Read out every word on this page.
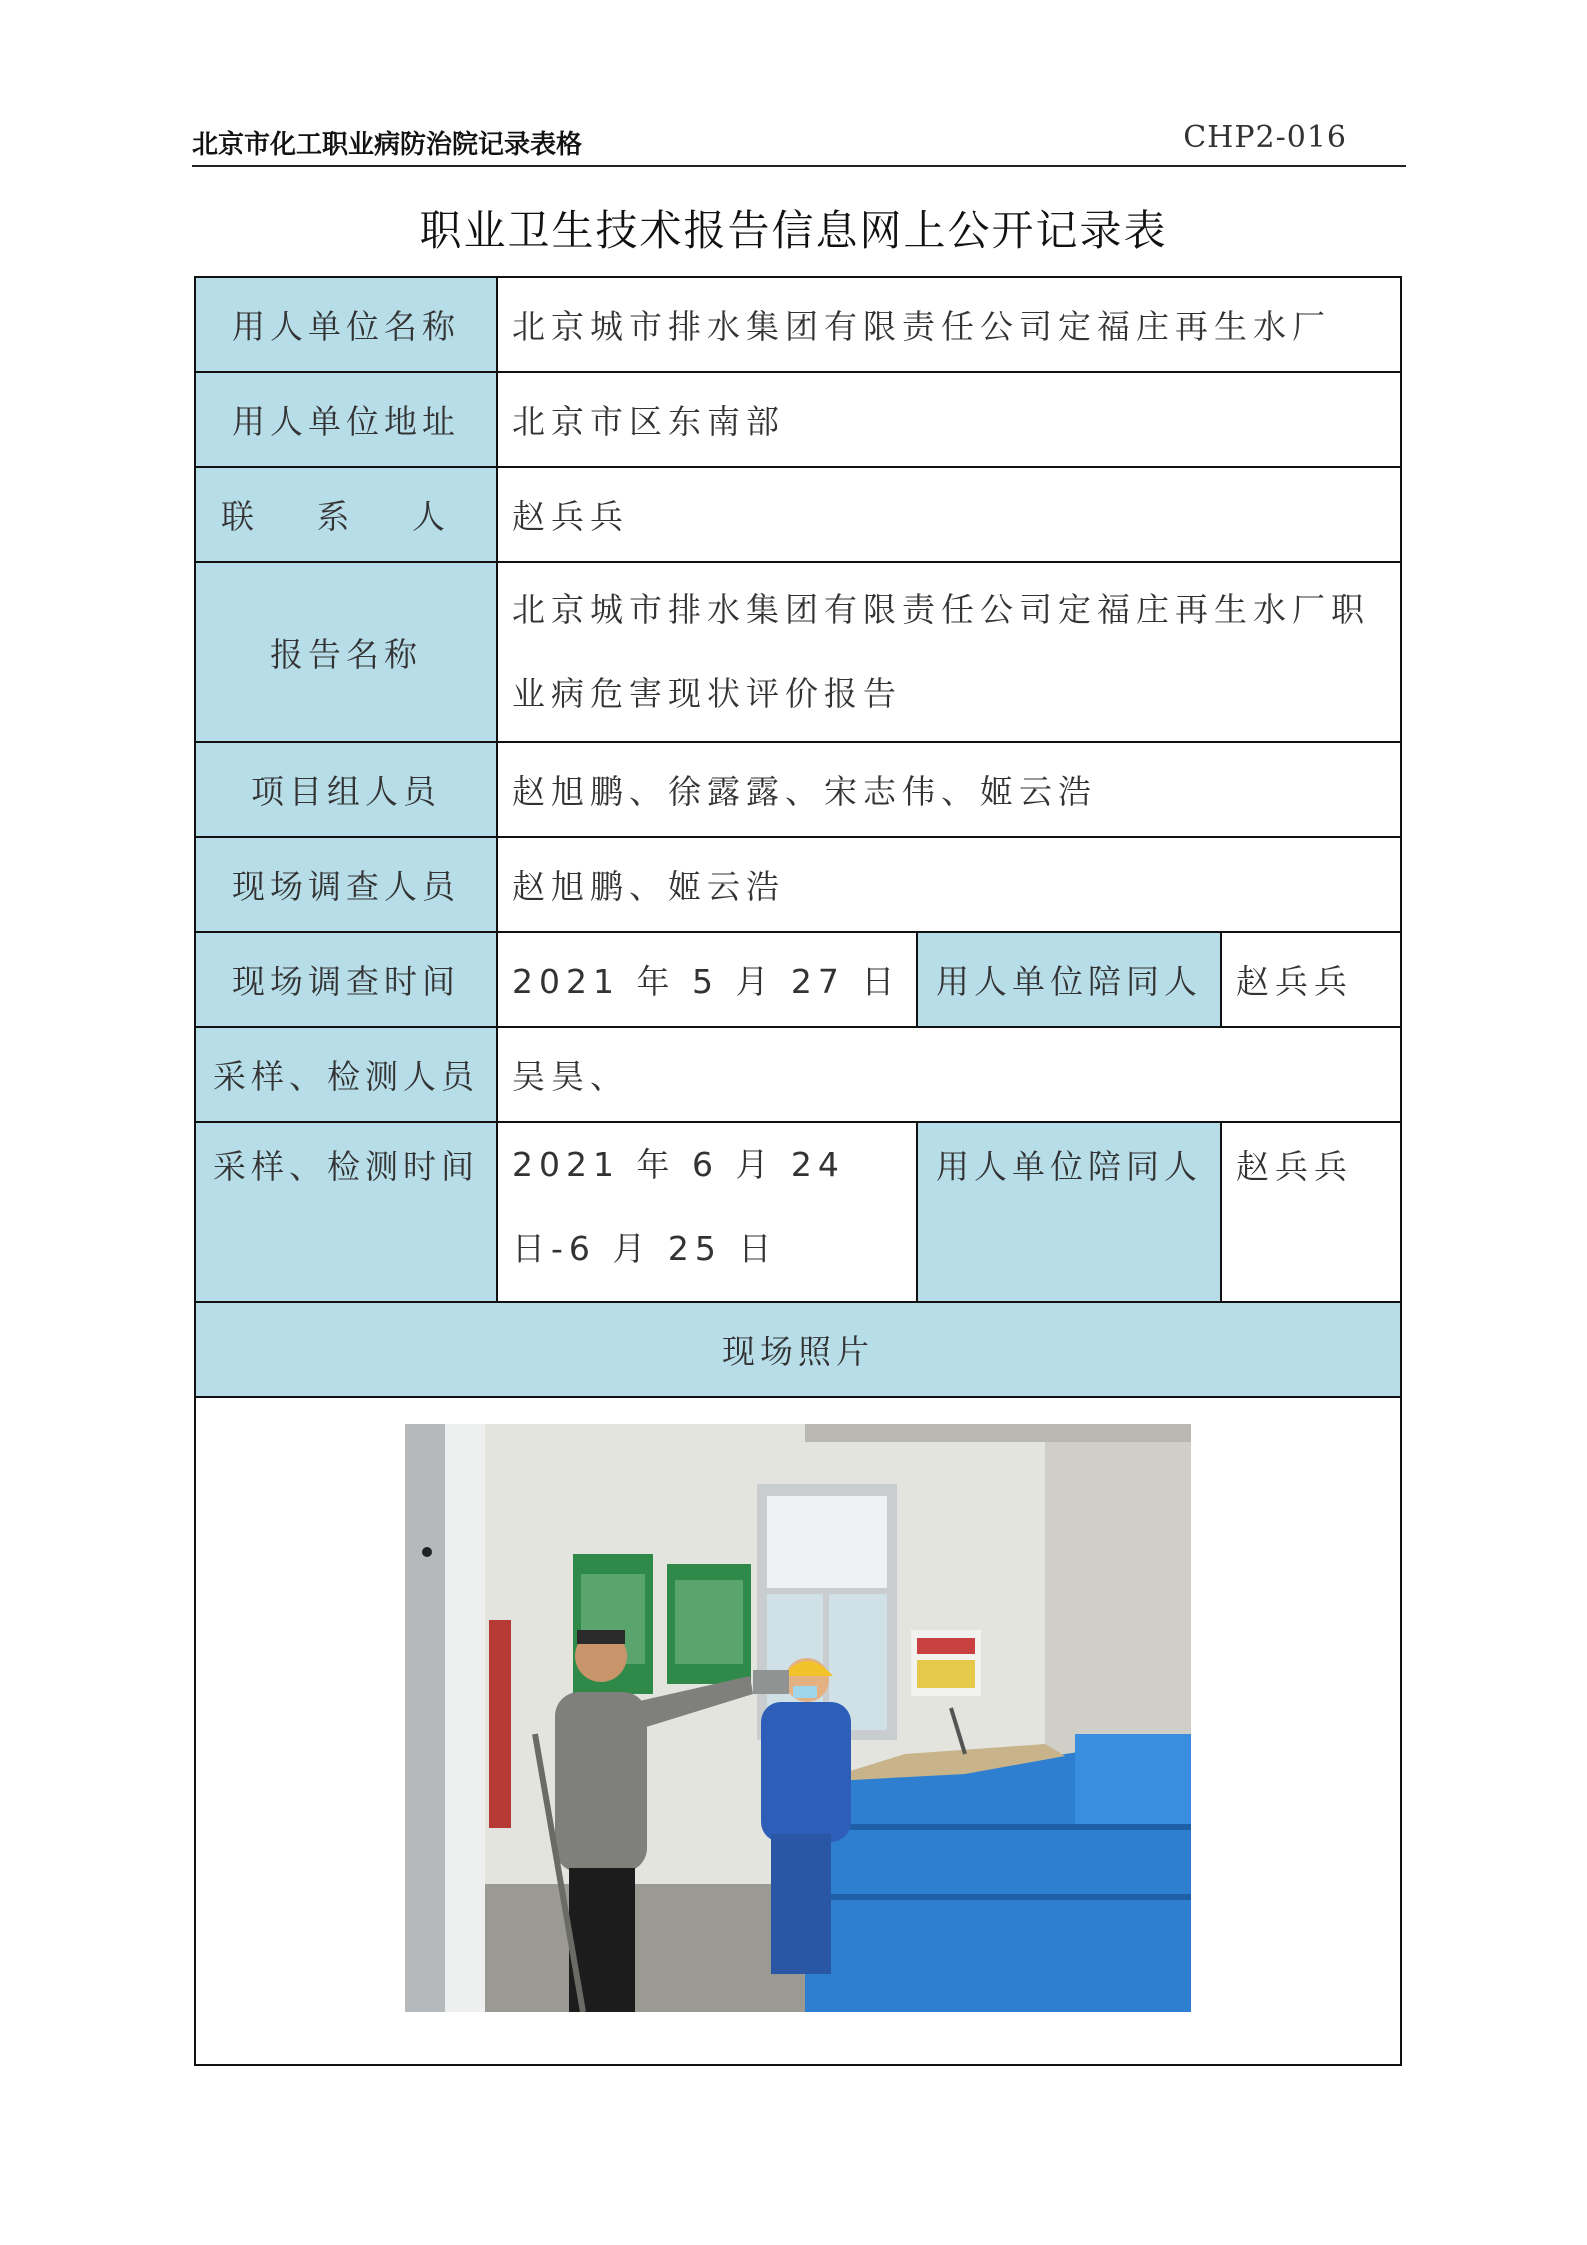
北京市化工职业病防治院记录表格	CHP2-016
职业卫生技术报告信息网上公开记录表
用人单位名称	北京城市排水集团有限责任公司定福庄再生水厂		
用人单位地址	北京市区东南部		
联 系 人	赵兵兵		
报告名称	北京城市排水集团有限责任公司定福庄再生水厂职业病危害现状评价报告		
项目组人员	赵旭鹏、徐露露、宋志伟、姬云浩		
现场调查人员	赵旭鹏、姬云浩		
现场调查时间	2021 年 5 月 27 日	用人单位陪同人	赵兵兵
采样、检测人员	吴昊、		
采样、检测时间	2021 年 6 月 24 日-6 月 25 日	用人单位陪同人	赵兵兵
现场照片			
